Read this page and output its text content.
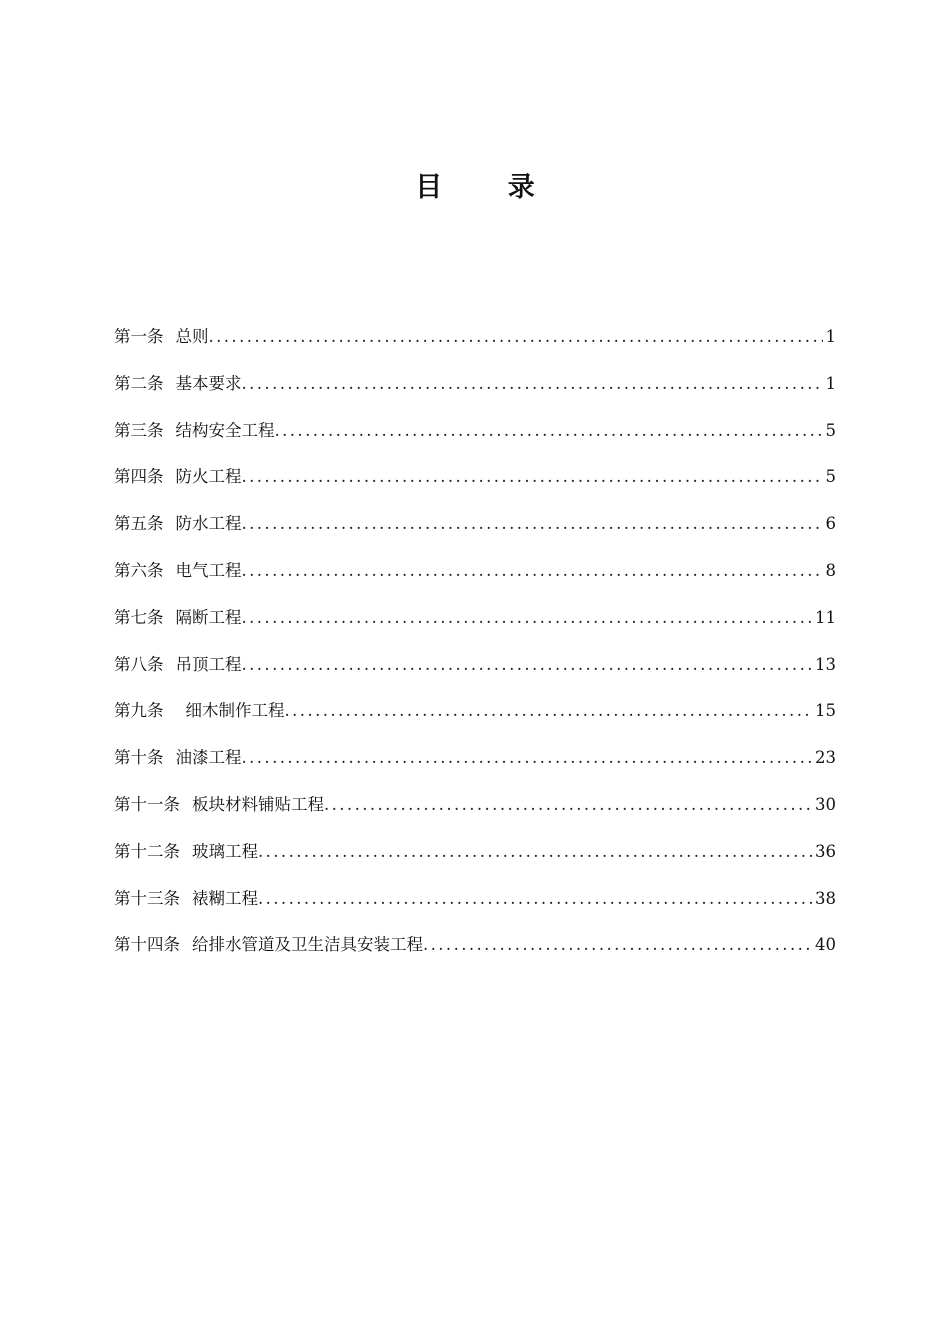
目 录
第一条 总则 .....	1
第二条 基本要求 .....	1
第三条 结构安全工程 .....	5
第四条 防火工程 .....	5
第五条 防水工程 .....	6
第六条 电气工程 .....	8
第七条 隔断工程 .....	11
第八条 吊顶工程 .....	13
第九条 细木制作工程 .....	15
第十条 油漆工程 .....	23
第十一条 板块材料铺贴工程 .....	30
第十二条 玻璃工程 .....	36
第十三条 裱糊工程 .....	38
第十四条 给排水管道及卫生洁具安装工程 .....	40
